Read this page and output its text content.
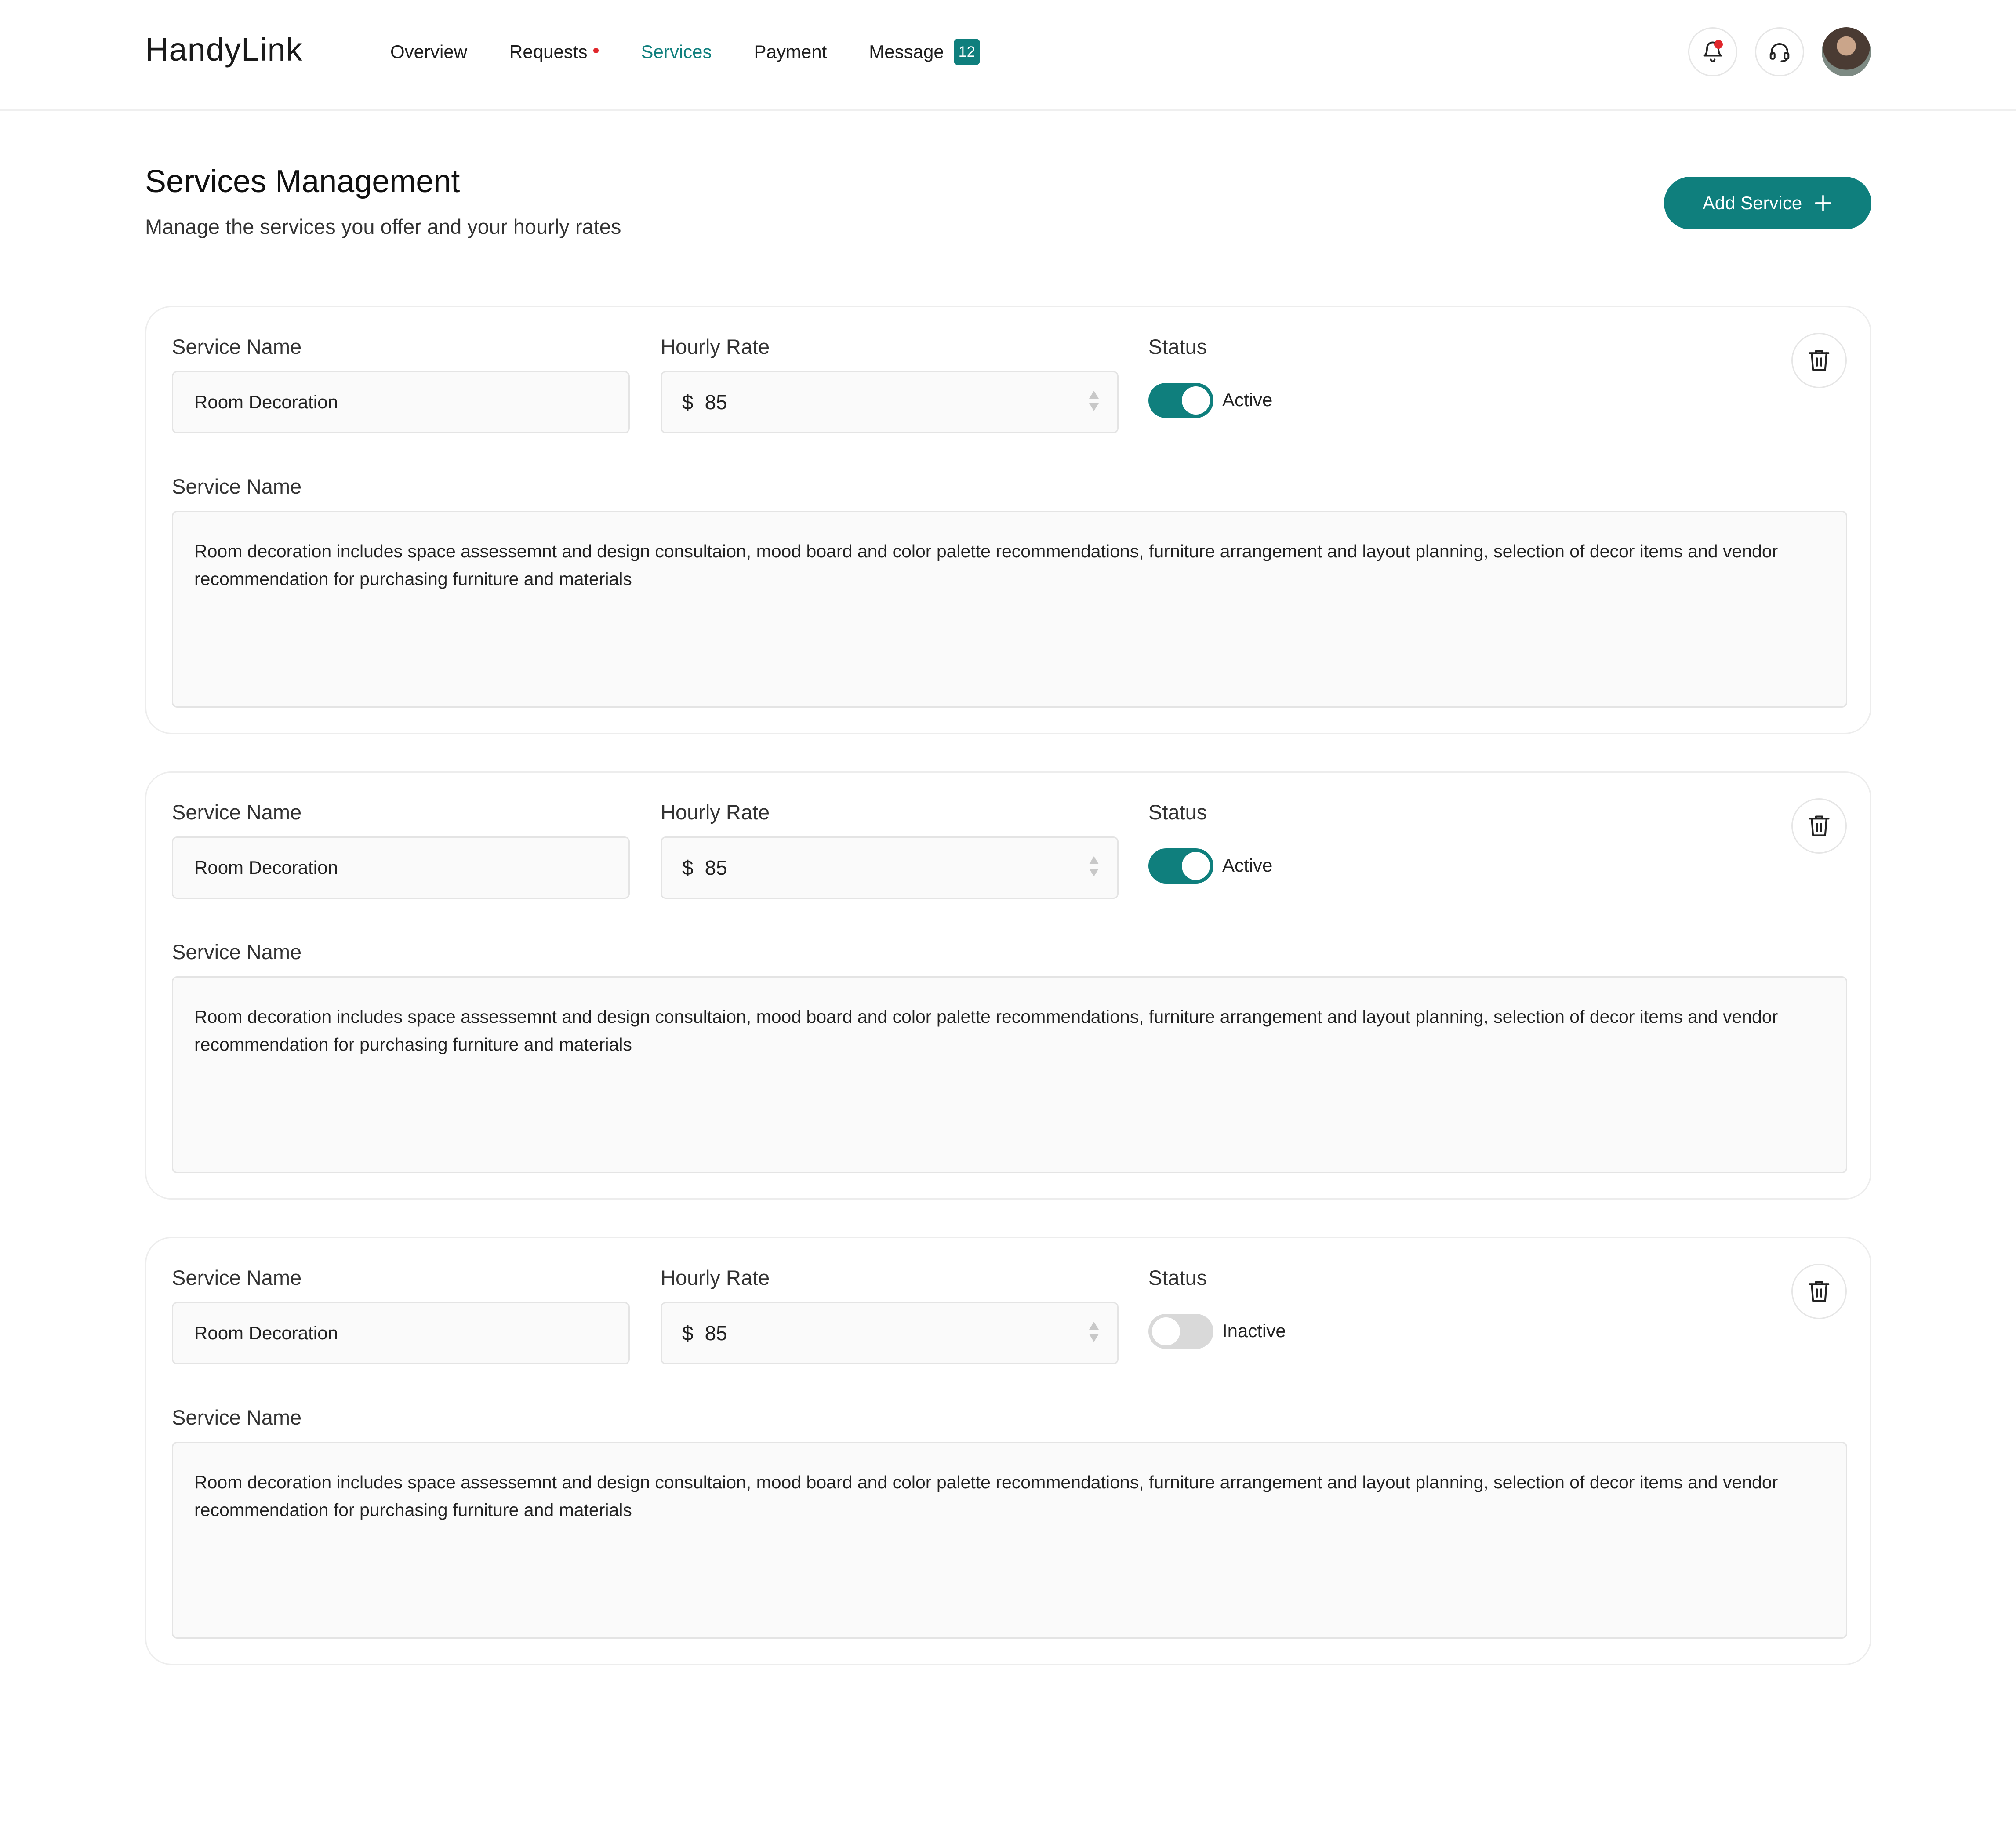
HandyLink	Overview Requests	Services Payment Message 12
Services Management
Manage the services you offer and your hourly rates
Add Service
Service Name
Room Decoration
Hourly Rate
$ 85
Status
Active
Service Name
Room decoration includes space assessemnt and design consultaion, mood board and color palette recommendations, furniture arrangement and layout planning, selection of decor items and vendor recommendation for purchasing furniture and materials
Service Name
Room Decoration
Hourly Rate
$ 85
Status
Active
Service Name
Room decoration includes space assessemnt and design consultaion, mood board and color palette recommendations, furniture arrangement and layout planning, selection of decor items and vendor recommendation for purchasing furniture and materials
Service Name
Room Decoration
Hourly Rate
$ 85
Status
Inactive
Service Name
Room decoration includes space assessemnt and design consultaion, mood board and color palette recommendations, furniture arrangement and layout planning, selection of decor items and vendor recommendation for purchasing furniture and materials
